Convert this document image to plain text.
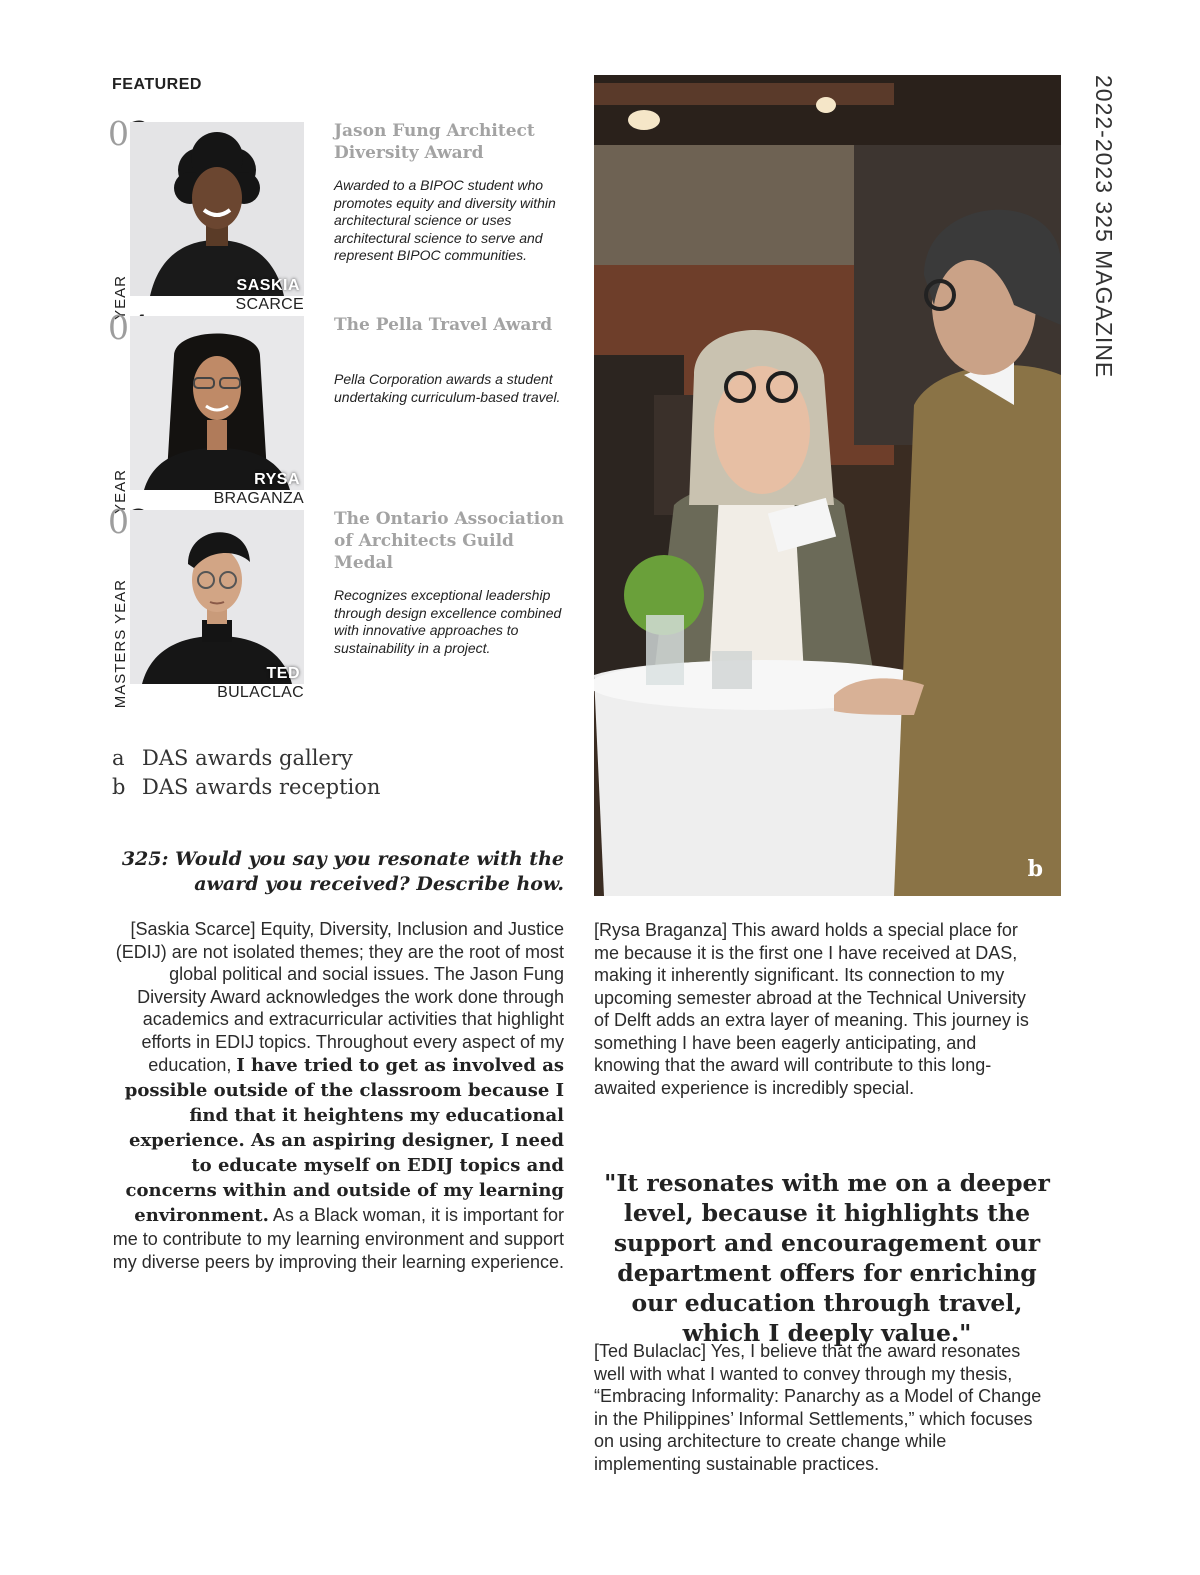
FEATURED
0
YEAR	SASKIA
SCARCE
Jason Fung Architect Diversity Award
Awarded to a BIPOC student who promotes equity and diversity within architectural science or uses architectural science to serve and represent BIPOC communities.
0
YEAR	RYSA
BRAGANZA
The Pella Travel Award
Pella Corporation awards a student undertaking curriculum-based travel.
0
MASTERS YEAR	TED
BULACLAC
The Ontario Association of Architects Guild Medal
Recognizes exceptional leadership through design excellence combined with innovative approaches to sustainability in a project.
a DAS awards gallery
b DAS awards reception
325: Would you say you resonate with the award you received? Describe how.
[Saskia Scarce] Equity, Diversity, Inclusion and Justice (EDIJ) are not isolated themes; they are the root of most global political and social issues. The Jason Fung Diversity Award acknowledges the work done through academics and extracurricular activities that highlight efforts in EDIJ topics. Throughout every aspect of my education, I have tried to get as involved as possible outside of the classroom because I find that it heightens my educational experience. As an aspiring designer, I need to educate myself on EDIJ topics and concerns within and outside of my learning environment. As a Black woman, it is important for me to contribute to my learning environment and support my diverse peers by improving their learning experience.
b
2022-2023 325 MAGAZINE
[Rysa Braganza] This award holds a special place for me because it is the first one I have received at DAS, making it inherently significant. Its connection to my upcoming semester abroad at the Technical University of Delft adds an extra layer of meaning. This journey is something I have been eagerly anticipating, and knowing that the award will contribute to this long-awaited experience is incredibly special.
"It resonates with me on a deeper level, because it highlights the support and encouragement our department offers for enriching our education through travel, which I deeply value."
[Ted Bulaclac] Yes, I believe that the award resonates well with what I wanted to convey through my thesis, “Embracing Informality: Panarchy as a Model of Change in the Philippines’ Informal Settlements,” which focuses on using architecture to create change while implementing sustainable practices.
